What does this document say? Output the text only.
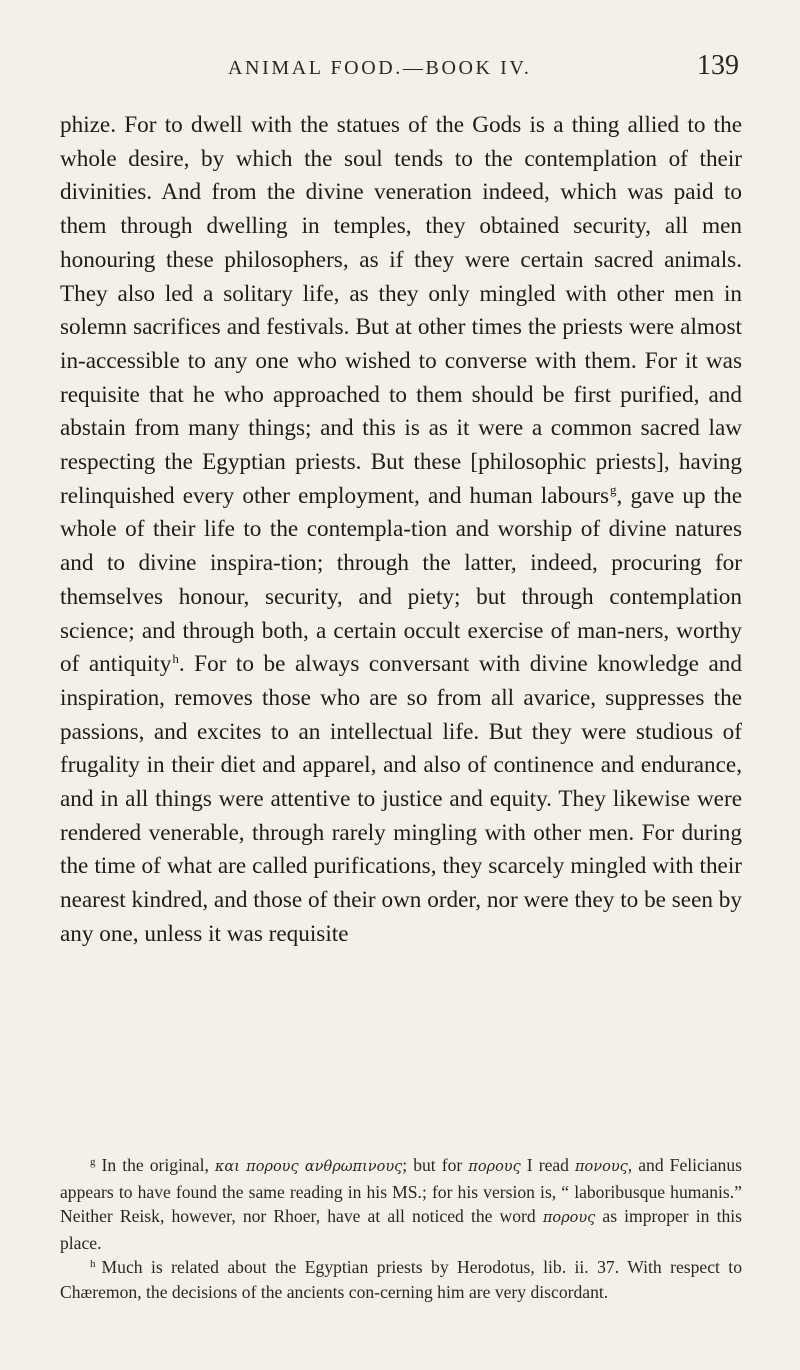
ANIMAL FOOD.—BOOK IV.	139

phize. For to dwell with the statues of the Gods is a thing allied to the whole desire, by which the soul tends to the contemplation of their divinities. And from the divine veneration indeed, which was paid to them through dwelling in temples, they obtained security, all men honouring these philosophers, as if they were certain sacred animals. They also led a solitary life, as they only mingled with other men in solemn sacrifices and festivals. But at other times the priests were almost in-accessible to any one who wished to converse with them. For it was requisite that he who approached to them should be first purified, and abstain from many things; and this is as it were a common sacred law respecting the Egyptian priests. But these [philosophic priests], having relinquished every other employment, and human labours$^g$, gave up the whole of their life to the contempla-tion and worship of divine natures and to divine inspira-tion; through the latter, indeed, procuring for themselves honour, security, and piety; but through contemplation science; and through both, a certain occult exercise of man-ners, worthy of antiquity$^h$. For to be always conversant with divine knowledge and inspiration, removes those who are so from all avarice, suppresses the passions, and excites to an intellectual life. But they were studious of frugality in their diet and apparel, and also of continence and endurance, and in all things were attentive to justice and equity. They likewise were rendered venerable, through rarely mingling with other men. For during the time of what are called purifications, they scarcely mingled with their nearest kindred, and those of their own order, nor were they to be seen by any one, unless it was requisite

$^g$ In the original, και πορους ανθρωπινους; but for πορους I read πονους, and Felicianus appears to have found the same reading in his MS.; for his version is, “ laboribusque humanis.” Neither Reisk, however, nor Rhoer, have at all noticed the word πορους as improper in this place.

$^h$ Much is related about the Egyptian priests by Herodotus, lib. ii. 37. With respect to Chæremon, the decisions of the ancients con-cerning him are very discordant.
